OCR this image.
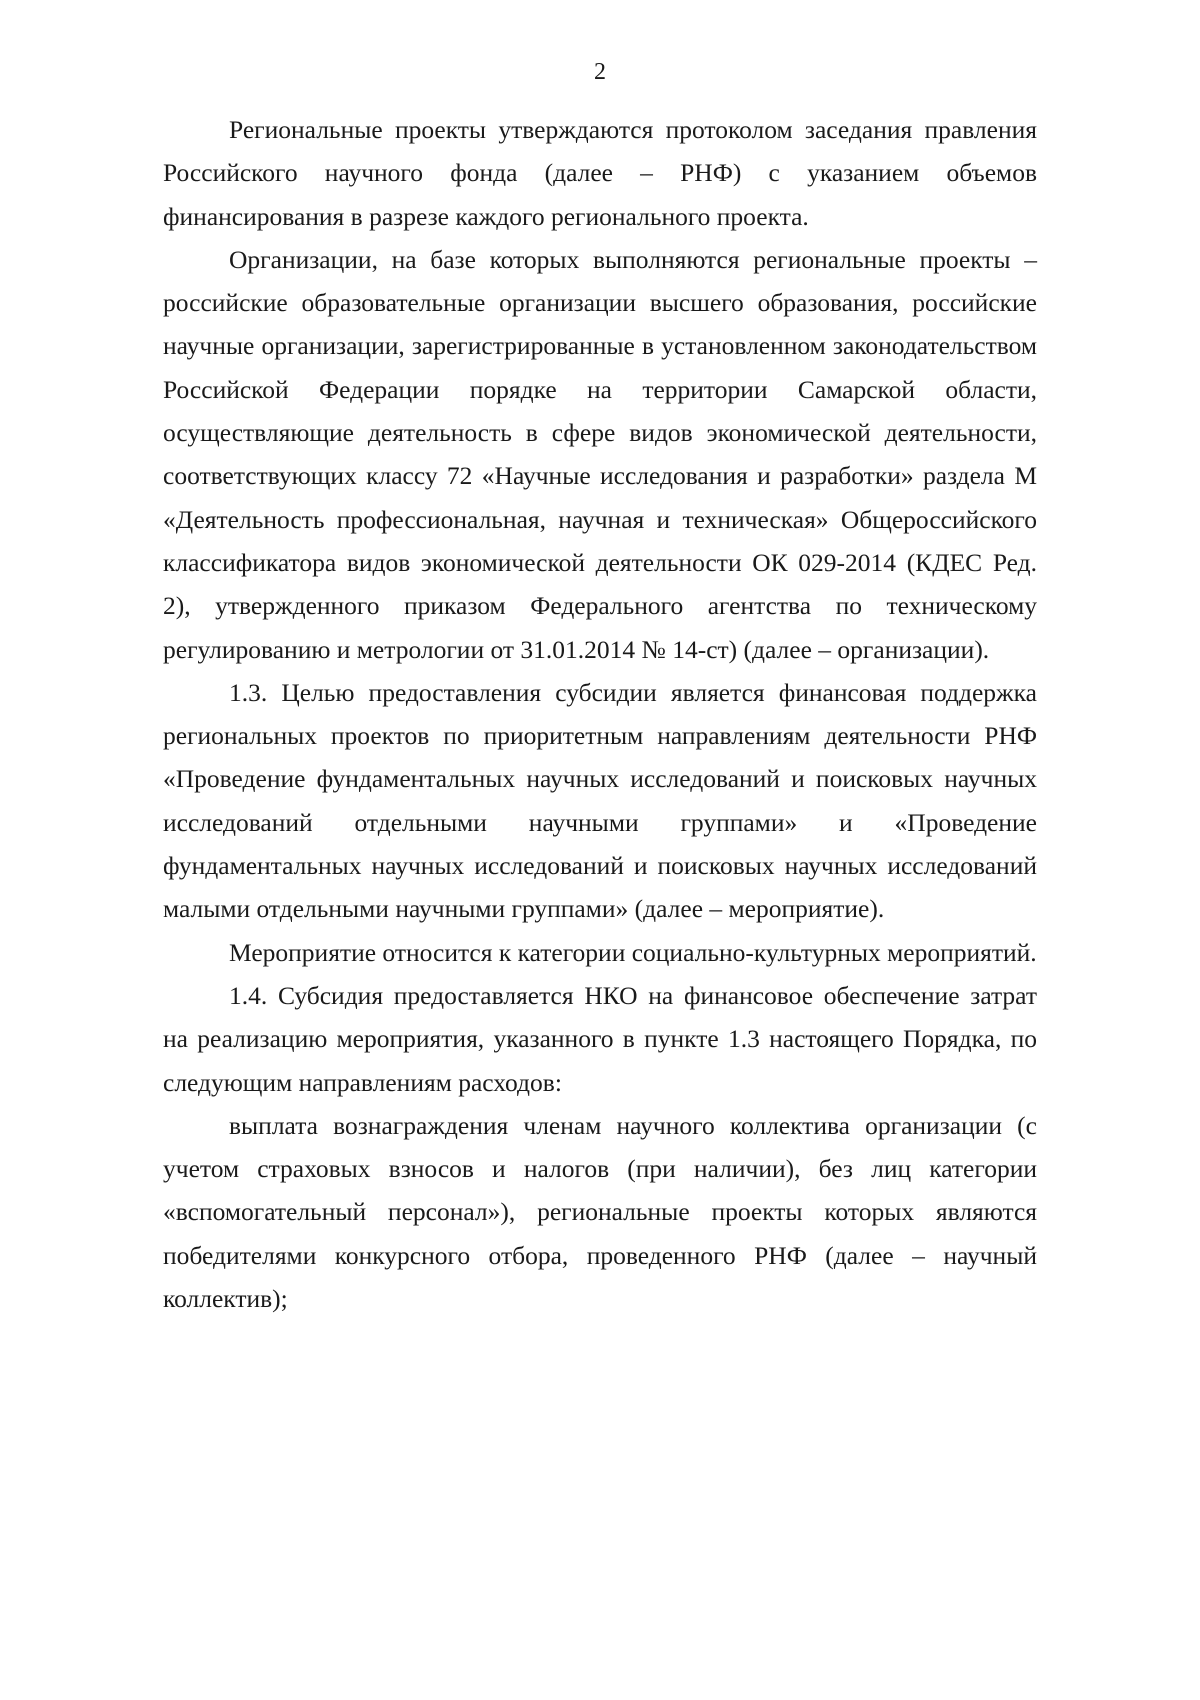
2

Региональные проекты утверждаются протоколом заседания правления Российского научного фонда (далее – РНФ) с указанием объемов финансирования в разрезе каждого регионального проекта.

Организации, на базе которых выполняются региональные проекты – российские образовательные организации высшего образования, российские научные организации, зарегистрированные в установленном законодательством Российской Федерации порядке на территории Самарской области, осуществляющие деятельность в сфере видов экономической деятельности, соответствующих классу 72 «Научные исследования и разработки» раздела М «Деятельность профессиональная, научная и техническая» Общероссийского классификатора видов экономической деятельности ОК 029-2014 (КДЕС Ред. 2), утвержденного приказом Федерального агентства по техническому регулированию и метрологии от 31.01.2014 № 14-ст) (далее – организации).

1.3. Целью предоставления субсидии является финансовая поддержка региональных проектов по приоритетным направлениям деятельности РНФ «Проведение фундаментальных научных исследований и поисковых научных исследований отдельными научными группами» и «Проведение фундаментальных научных исследований и поисковых научных исследований малыми отдельными научными группами» (далее – мероприятие).

Мероприятие относится к категории социально-культурных мероприятий.

1.4. Субсидия предоставляется НКО на финансовое обеспечение затрат на реализацию мероприятия, указанного в пункте 1.3 настоящего Порядка, по следующим направлениям расходов:

выплата вознаграждения членам научного коллектива организации (с учетом страховых взносов и налогов (при наличии), без лиц категории «вспомогательный персонал»), региональные проекты которых являются победителями конкурсного отбора, проведенного РНФ (далее – научный коллектив);
